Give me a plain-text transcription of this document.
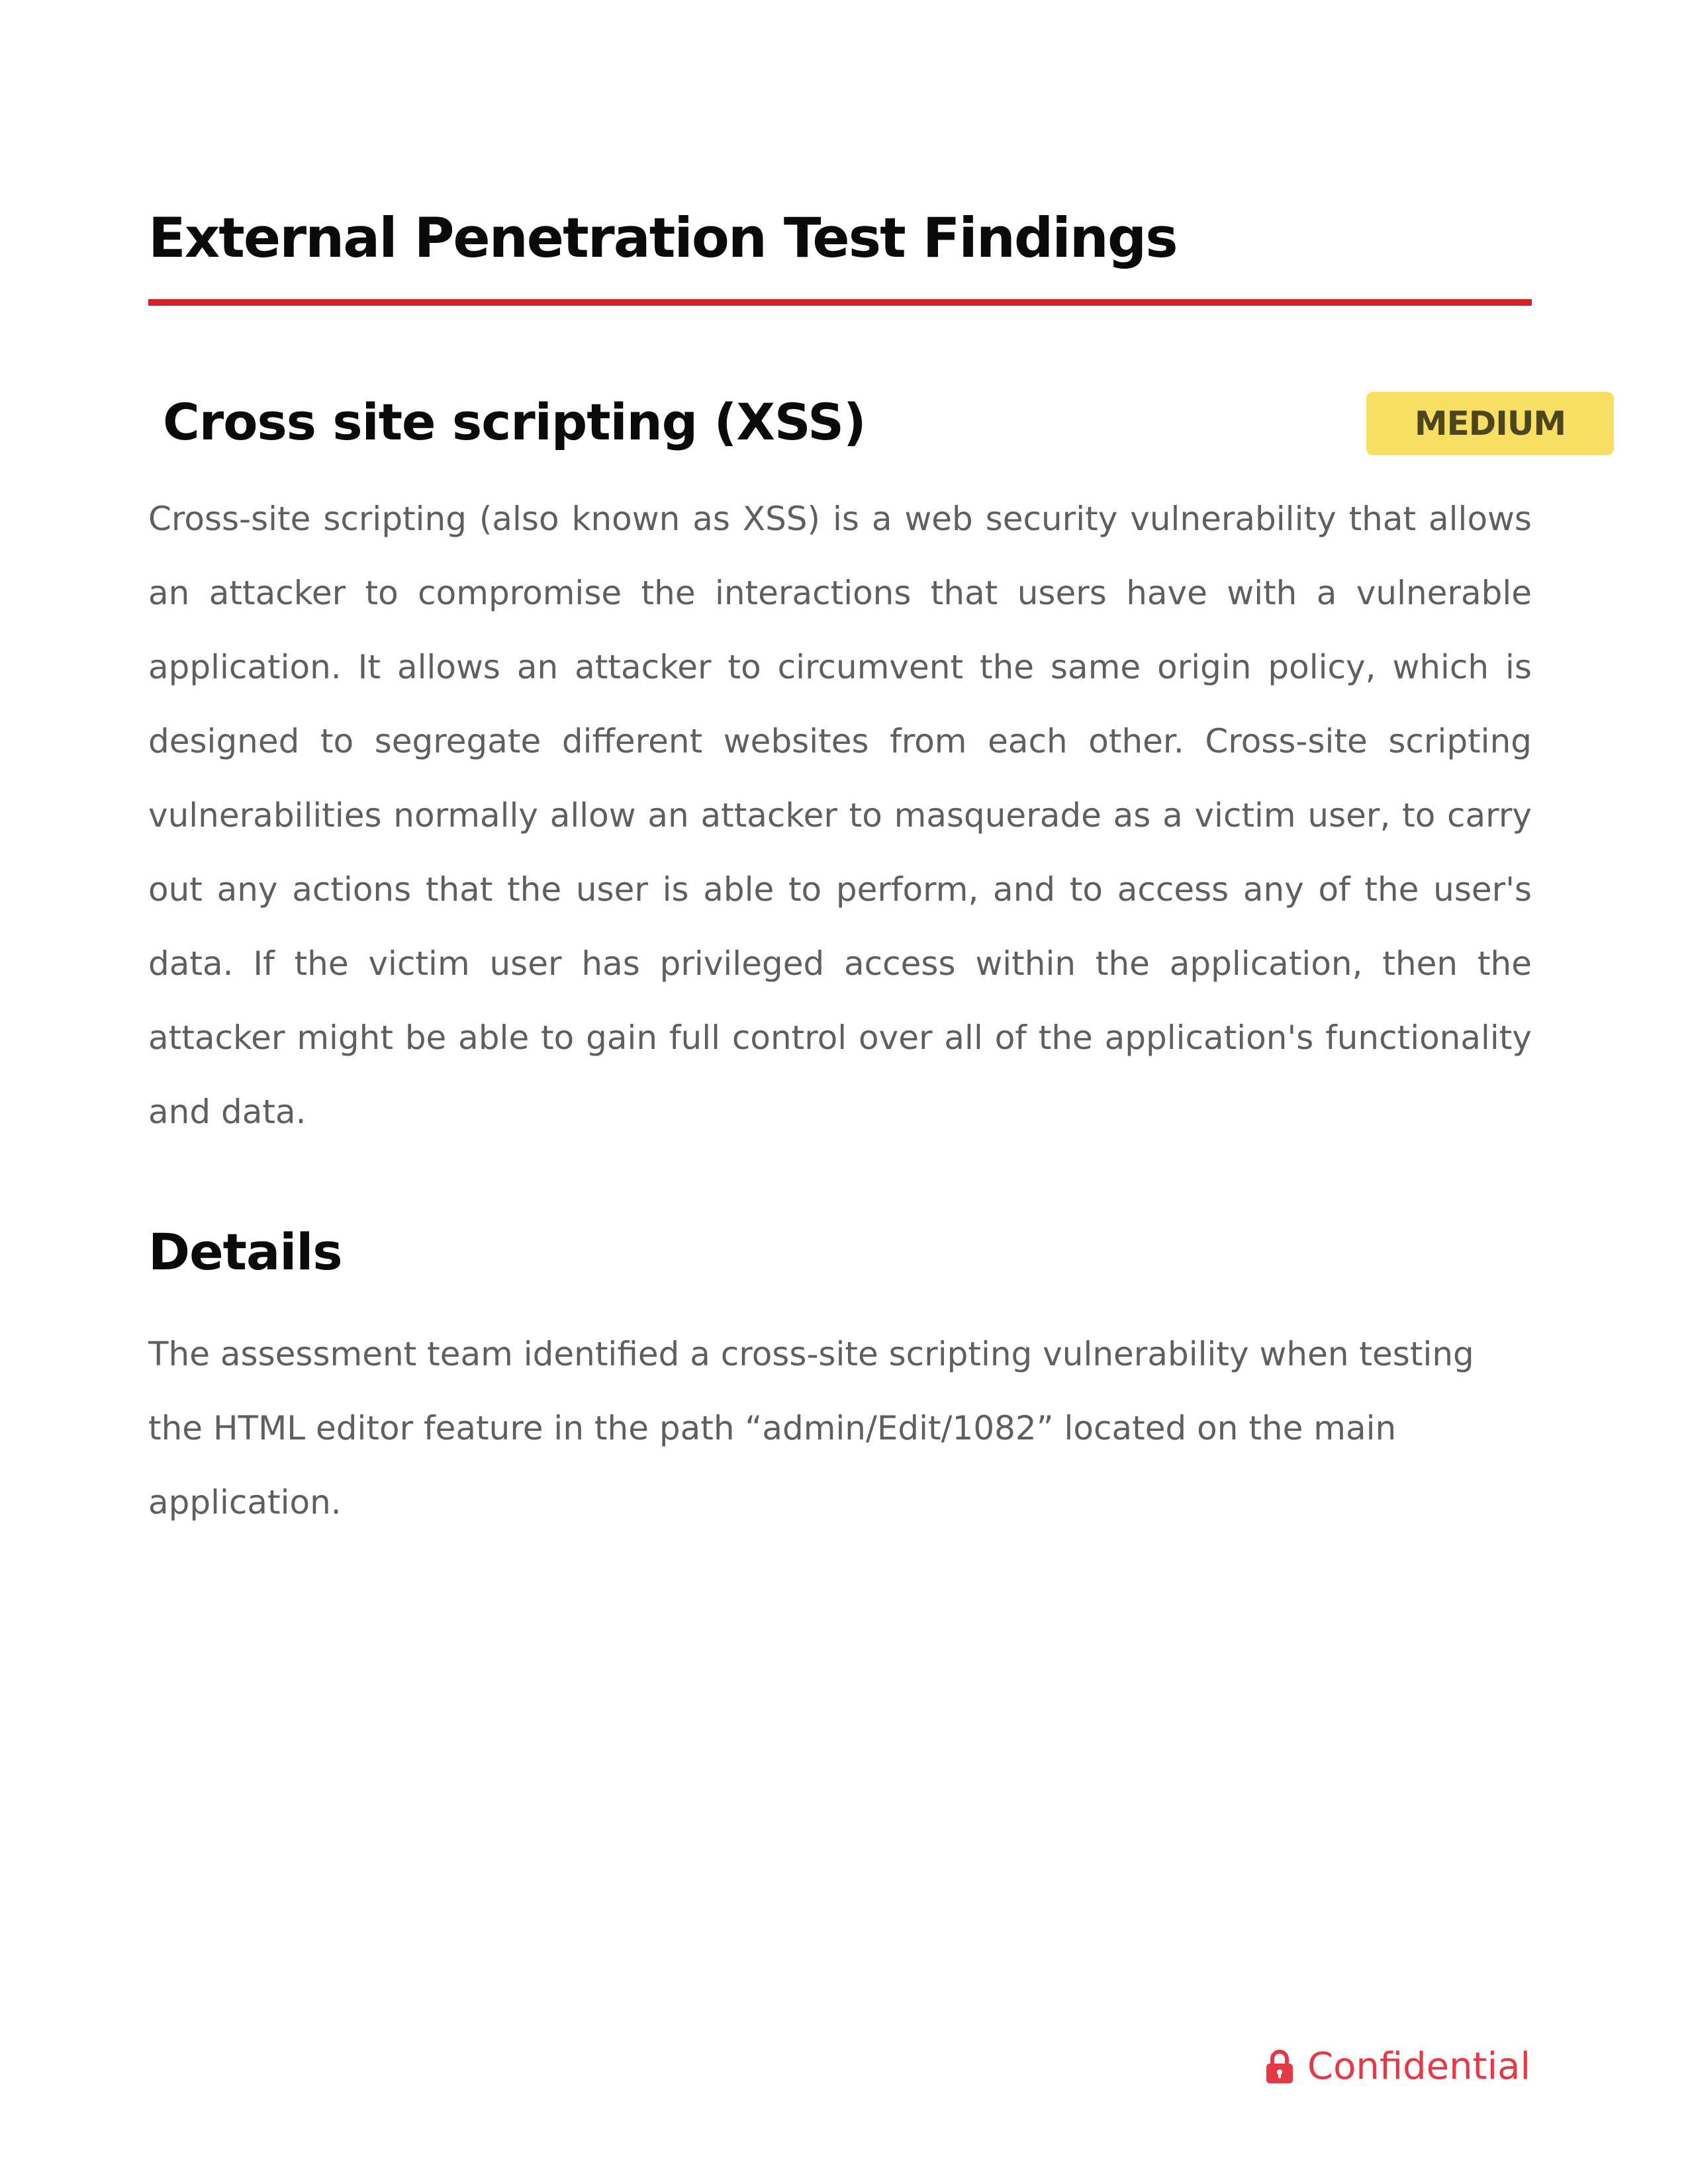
External Penetration Test Findings
Cross site scripting (XSS)	MEDIUM

Cross-site scripting (also known as XSS) is a web security vulnerability that allows an attacker to compromise the interactions that users have with a vulnerable application. It allows an attacker to circumvent the same origin policy, which is designed to segregate different websites from each other. Cross-site scripting vulnerabilities normally allow an attacker to masquerade as a victim user, to carry out any actions that the user is able to perform, and to access any of the user's data. If the victim user has privileged access within the application, then the attacker might be able to gain full control over all of the application's functionality and data.

Details

The assessment team identified a cross-site scripting vulnerability when testing the HTML editor feature in the path “admin/Edit/1082” located on the main application.

Confidential
